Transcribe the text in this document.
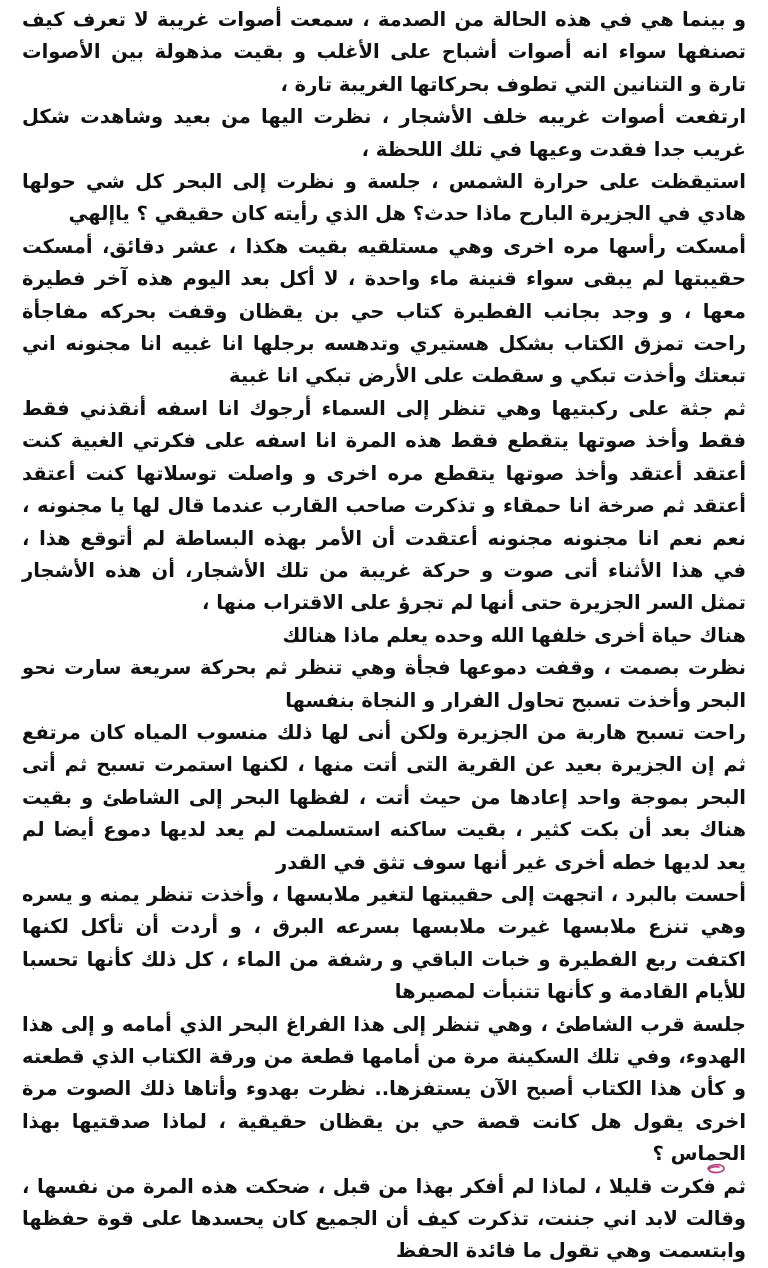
و بينما هي في هذه الحالة من الصدمة ، سمعت أصوات غريبة لا تعرف كيف تصنفها سواء انه أصوات أشباح على الأغلب و بقيت مذهولة بين الأصوات تارة و التنانين التي تطوف بحركاتها الغريبة تارة ،

ارتفعت أصوات غريبه خلف الأشجار ، نظرت اليها من بعيد وشاهدت شكل غريب جدا فقدت وعيها في تلك اللحظة ،

استيقظت على حرارة الشمس ، جلسة و نظرت إلى البحر كل شي حولها هادي في الجزيرة البارح ماذا حدث؟ هل الذي رأيته كان حقيقي ؟ ياإلهي

أمسكت رأسها مره اخرى وهي مستلقيه بقيت هكذا ، عشر دقائق، أمسكت حقيبتها لم يبقى سواء قنينة ماء واحدة ، لا أكل بعد اليوم هذه آخر فطيرة معها ، و وجد بجانب الفطيرة كتاب حي بن يقظان وقفت بحركه مفاجأة راحت تمزق الكتاب بشكل هستيري وتدهسه برجلها انا غبيه انا مجنونه اني تبعتك وأخذت تبكي و سقطت على الأرض تبكي انا غبية

ثم جثة على ركبتيها وهي تنظر إلى السماء أرجوك انا اسفه أنقذني فقط فقط وأخذ صوتها يتقطع فقط هذه المرة انا اسفه على فكرتي الغبية كنت أعتقد أعتقد وأخذ صوتها يتقطع مره اخرى و واصلت توسلاتها كنت أعتقد أعتقد ثم صرخة انا حمقاء و تذكرت صاحب القارب عندما قال لها يا مجنونه ، نعم نعم انا مجنونه مجنونه أعتقدت أن الأمر بهذه البساطة لم أتوقع هذا ، في هذا الأثناء أتى صوت و حركة غريبة من تلك الأشجار، أن هذه الأشجار تمثل السر الجزيرة حتى أنها لم تجرؤ على الاقتراب منها ،

هناك حياة أخرى خلفها الله وحده يعلم ماذا هنالك

نظرت بصمت ، وقفت دموعها فجأة وهي تنظر ثم بحركة سريعة سارت نحو البحر وأخذت تسبح تحاول الفرار و النجاة بنفسها

راحت تسبح هاربة من الجزيرة ولكن أنى لها ذلك منسوب المياه كان مرتفع ثم إن الجزيرة بعيد عن القرية التى أتت منها ، لكنها استمرت تسبح ثم أتى البحر بموجة واحد إعادها من حيث أتت ، لفظها البحر إلى الشاطئ و بقيت هناك بعد أن بكت كثير ، بقيت ساكنه استسلمت لم يعد لديها دموع أيضا لم يعد لديها خطه أخرى غير أنها سوف تثق في القدر

أحست بالبرد ، اتجهت إلى حقيبتها لتغير ملابسها ، وأخذت تنظر يمنه و يسره وهي تنزع ملابسها غيرت ملابسها بسرعه البرق ، و أردت أن تأكل لكنها اكتفت ربع الفطيرة و خبات الباقي و رشفة من الماء ، كل ذلك كأنها تحسبا للأيام القادمة و كأنها تتنبأت لمصيرها

جلسة قرب الشاطئ ، وهي تنظر إلى هذا الفراغ البحر الذي أمامه و إلى هذا الهدوء، وفي تلك السكينة مرة من أمامها قطعة من ورقة الكتاب الذي قطعته و كأن هذا الكتاب أصبح الآن يستفزها.. نظرت بهدوء وأتاها ذلك الصوت مرة اخرى يقول هل كانت قصة حي بن يقظان حقيقية ، لماذا صدقتيها بهذا الحماس ؟

ثم فكرت قليلا ، لماذا لم أفكر بهذا من قبل ، ضحكت هذه المرة من نفسها ، وقالت لابد اني جننت، تذكرت كيف أن الجميع كان يحسدها على قوة حفظها وابتسمت وهي تقول ما فائدة الحفظ
